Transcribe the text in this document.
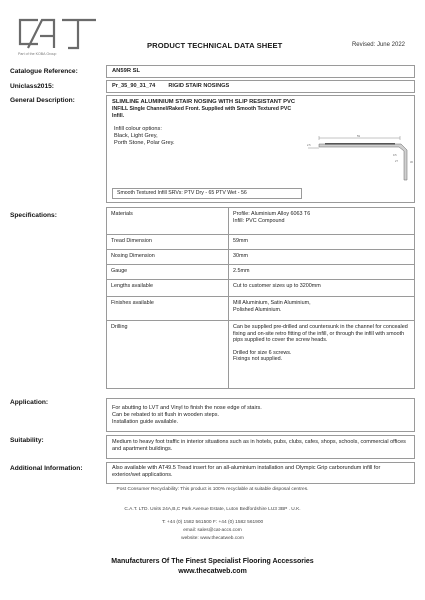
Part of the KOBA Group
PRODUCT TECHNICAL DATA SHEET	Revised: June 2022
Catalogue Reference:	AN59R SL
Uniclass2015:	Pr_35_90_31_74 RIGID STAIR NOSINGS
General Description:	SLIMLINE ALUMINIUM STAIR NOSING WITH SLIP RESISTANT PVC
INFILL Single Channel/Raked Front. Supplied with Smooth Textured PVC
Infill.
Infill colour options:
Black, Light Grey,
Porth Stone, Polar Grey.
59
2.5
9.5
27	30
Smooth Textured Infill SRVs: PTV Dry - 65 PTV Wet - 56
Specifications:	Materials	Profile: Aluminium Alloy 6063 T6
Infill: PVC Compound

Tread Dimension	59mm
Nosing Dimension	30mm
Gauge	2.5mm
Lengths available	Cut to customer sizes up to 3200mm
Finishes available	Mill Aluminium, Satin Aluminium,
Polished Aluminium.

Drilling	Can be supplied pre-drilled and countersunk in the channel for concealed fixing and on-site retro fitting of the infill, or through the infill with smooth pips supplied to cover the screw heads.
Drilled for size 6 screws.
Fixings not supplied.
Application:
For abutting to LVT and Vinyl to finish the nose edge of stairs.
Can be rebated to sit flush in wooden steps.
Installation guide available.
Suitability:	Medium to heavy foot traffic in interior situations such as in hotels, pubs, clubs, cafes, shops, schools, commercial offices and apartment buildings.
Additional Information:	Also available with AT49.5 Tread insert for an all-aluminium installation and Olympic Grip carborundum infill for exterior/wet applications.
Post Consumer Recyclability: This product is 100% recyclable at suitable disposal centres.
C.A.T. LTD. Units 24A,B,C Park Avenue Estate, Luton Bedfordshire LU3 3BP . U.K.
T: +44 (0) 1582 561500 F: +44 (0) 1582 561900
email: sales@cat-accs.com
website: www.thecatweb.com
Manufacturers Of The Finest Specialist Flooring Accessories
www.thecatweb.com
